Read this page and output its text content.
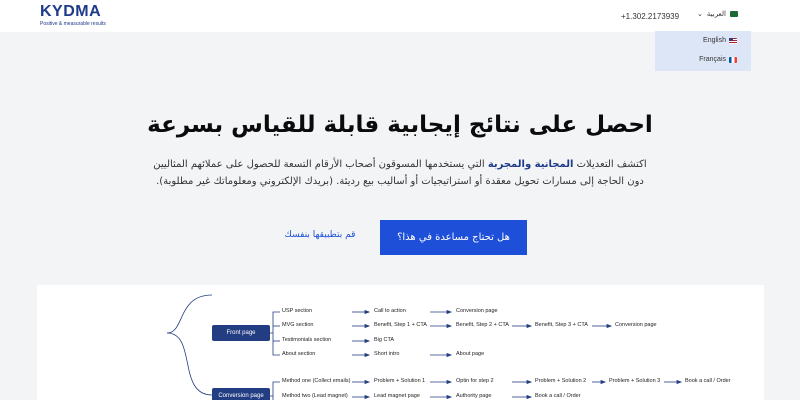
KYDMA
Positive & measurable results
+1.302.2173939	⌄ العربية
English
Français
احصل على نتائج إيجابية قابلة للقياس بسرعة

اكتشف التعديلات المجانية والمجربة التي يستخدمها المسوقون أصحاب الأرقام التسعة للحصول على عملائهم المثاليين دون الحاجة إلى مسارات تحويل معقدة أو استراتيجيات أو أساليب بيع رديئة. (بريدك الإلكتروني ومعلوماتك غير مطلوبة).

هل تحتاج مساعدة في هذا؟
قم بتطبيقها بنفسك
Front page
Conversion page
USP section	Call to action	Conversion page
MVG section	Benefit, Step 1 + CTA	Benefit, Step 2 + CTA	Benefit, Step 3 + CTA	Conversion page
Testimonials section	Big CTA
About section	Short intro	About page
Method one (Collect emails)	Problem + Solution 1	Optin for step 2	Problem + Solution 2	Problem + Solution 3	Book a call / Order
Method two (Lead magnet)	Lead magnet page	Authority page	Book a call / Order
